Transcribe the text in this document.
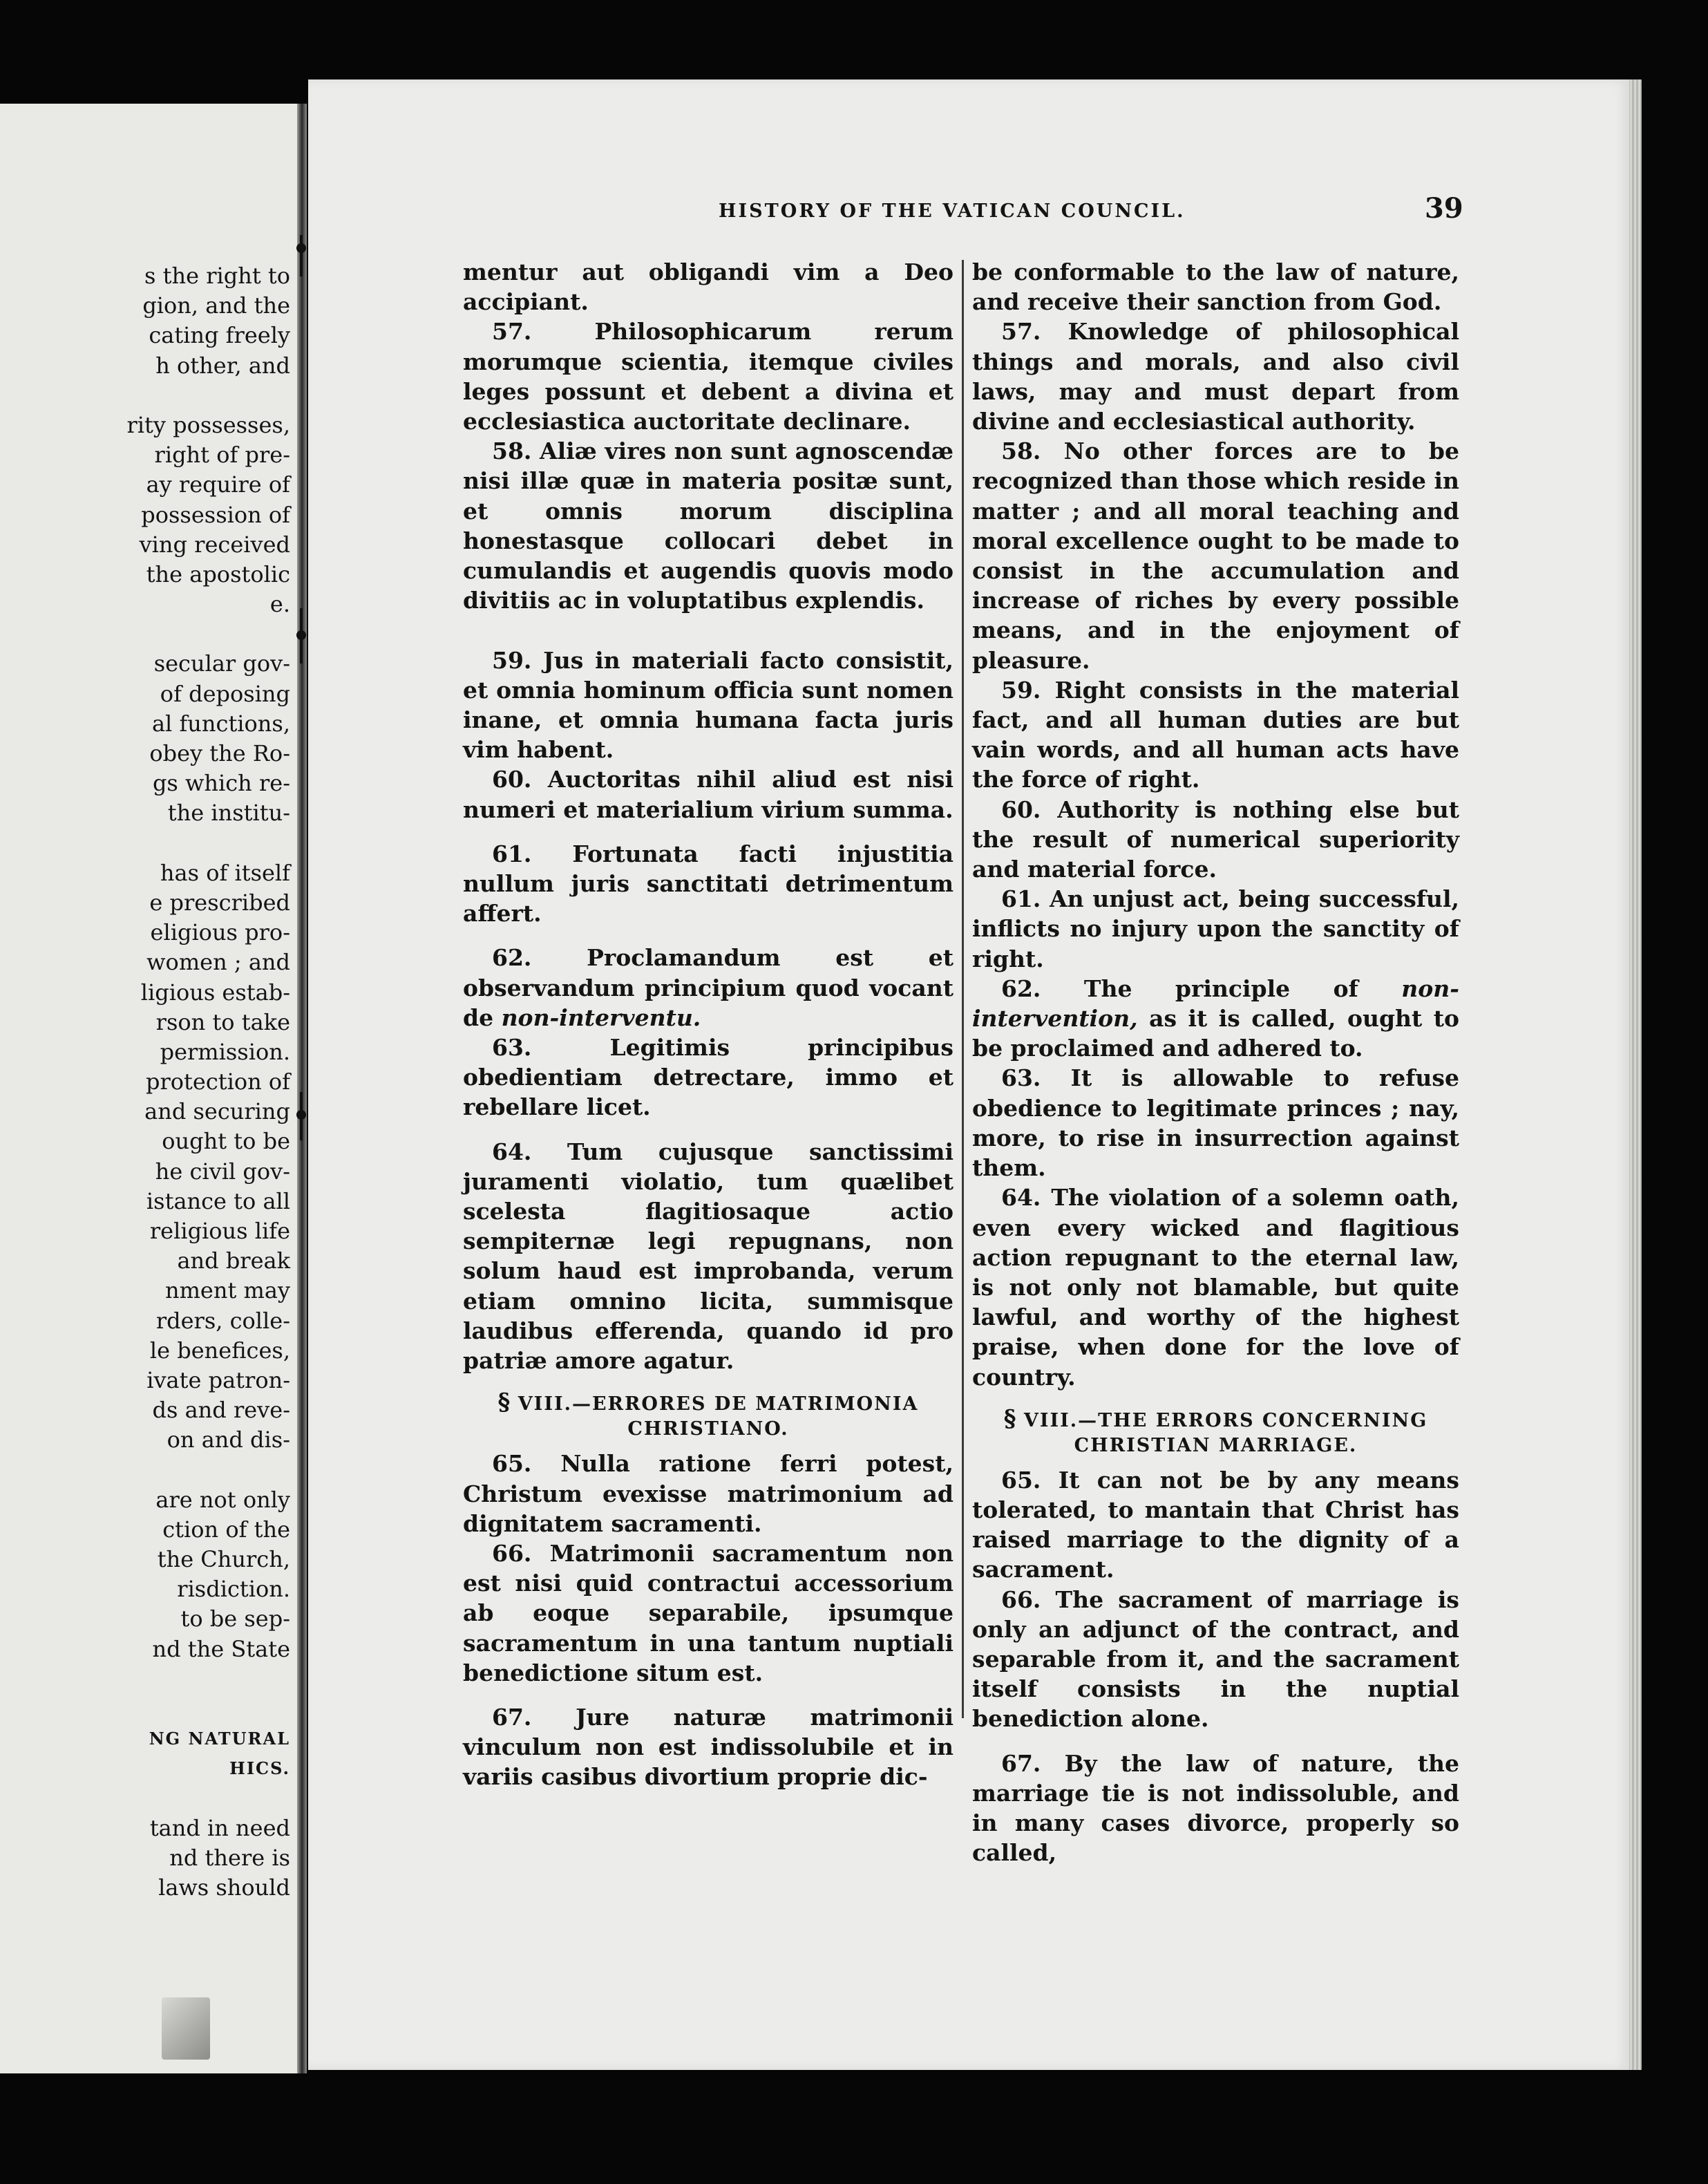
s the right to
gion, and the
cating freely
h other, and
rity possesses,
right of pre-
ay require of
possession of
ving received
the apostolic
e.
secular gov-
of deposing
al functions,
obey the Ro-
gs which re-
the institu-
has of itself
e prescribed
eligious pro-
women ; and
ligious estab-
rson to take
permission.
protection of
and securing
ought to be
he civil gov-
istance to all
religious life
and break
nment may
rders, colle-
le benefices,
ivate patron-
ds and reve-
on and dis-
are not only
ction of the
the Church,
risdiction.
to be sep-
nd the State
NG NATURAL
HICS.
tand in need
nd there is
laws should
HISTORY OF THE VATICAN COUNCIL.	39

mentur aut obligandi vim a Deo accipiant.

57. Philosophicarum rerum morumque scientia, itemque civiles leges possunt et debent a divina et ecclesiastica auctoritate declinare.

58. Aliæ vires non sunt agnoscendæ nisi illæ quæ in materia positæ sunt, et omnis morum disciplina honestasque collocari debet in cumulandis et augendis quovis modo divitiis ac in voluptatibus explendis.

59. Jus in materiali facto consistit, et omnia hominum officia sunt nomen inane, et omnia humana facta juris vim habent.

60. Auctoritas nihil aliud est nisi numeri et materialium virium summa.

61. Fortunata facti injustitia nullum juris sanctitati detrimentum affert.

62. Proclamandum est et observandum principium quod vocant de non-interventu.

63. Legitimis principibus obedientiam detrectare, immo et rebellare licet.

64. Tum cujusque sanctissimi juramenti violatio, tum quælibet scelesta flagitiosaque actio sempiternæ legi repugnans, non solum haud est improbanda, verum etiam omnino licita, summisque laudibus efferenda, quando id pro patriæ amore agatur.

§ VIII.—ERRORES DE MATRIMONIA CHRISTIANO.

65. Nulla ratione ferri potest, Christum evexisse matrimonium ad dignitatem sacramenti.

66. Matrimonii sacramentum non est nisi quid contractui accessorium ab eoque separabile, ipsumque sacramentum in una tantum nuptiali benedictione situm est.

67. Jure naturæ matrimonii vinculum non est indissolubile et in variis casibus divortium proprie dic-

be conformable to the law of nature, and receive their sanction from God.

57. Knowledge of philosophical things and morals, and also civil laws, may and must depart from divine and ecclesiastical authority.

58. No other forces are to be recognized than those which reside in matter ; and all moral teaching and moral excellence ought to be made to consist in the accumulation and increase of riches by every possible means, and in the enjoyment of pleasure.

59. Right consists in the material fact, and all human duties are but vain words, and all human acts have the force of right.

60. Authority is nothing else but the result of numerical superiority and material force.

61. An unjust act, being successful, inflicts no injury upon the sanctity of right.

62. The principle of non-intervention, as it is called, ought to be proclaimed and adhered to.

63. It is allowable to refuse obedience to legitimate princes ; nay, more, to rise in insurrection against them.

64. The violation of a solemn oath, even every wicked and flagitious action repugnant to the eternal law, is not only not blamable, but quite lawful, and worthy of the highest praise, when done for the love of country.

§ VIII.—THE ERRORS CONCERNING CHRISTIAN MARRIAGE.

65. It can not be by any means tolerated, to mantain that Christ has raised marriage to the dignity of a sacrament.

66. The sacrament of marriage is only an adjunct of the contract, and separable from it, and the sacrament itself consists in the nuptial benediction alone.

67. By the law of nature, the marriage tie is not indissoluble, and in many cases divorce, properly so called,
